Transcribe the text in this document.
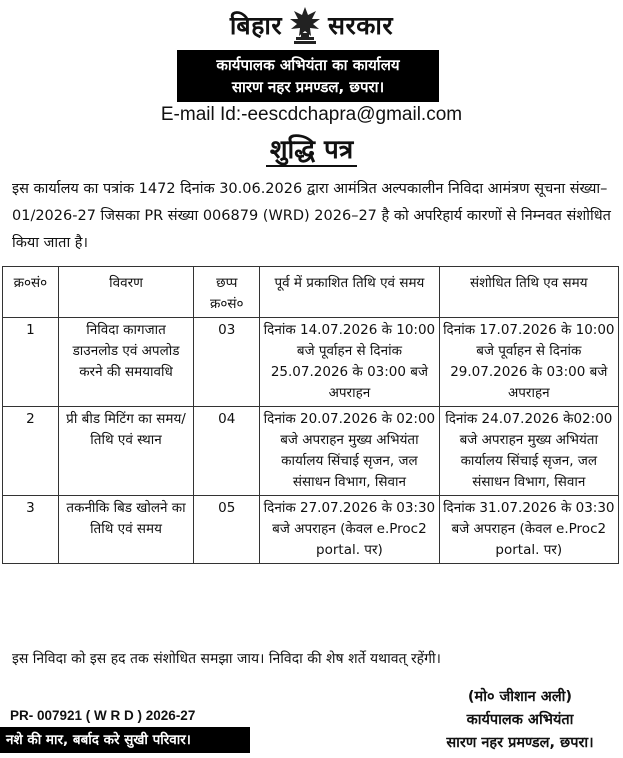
बिहार सरकार
कार्यपालक अभियंता का कार्यालय
सारण नहर प्रमण्डल, छपरा।
E-mail Id:-eescdchapra@gmail.com
शुद्धि पत्र
इस कार्यालय का पत्रांक 1472 दिनांक 30.06.2026 द्वारा आमंत्रित अल्पकालीन निविदा आमंत्रण सूचना संख्या–01/2026-27 जिसका PR संख्या 006879 (WRD) 2026–27 है को अपरिहार्य कारणों से निम्नवत संशोधित किया जाता है।
क्र०सं०	विवरण	छप्प क्र०सं०	पूर्व में प्रकाशित तिथि एवं समय	संशोधित तिथि एव समय
1	निविदा कागजात डाउनलोड एवं अपलोड करने की समयावधि	03	दिनांक 14.07.2026 के 10:00 बजे पूर्वाहन से दिनांक 25.07.2026 के 03:00 बजे अपराहन	दिनांक 17.07.2026 के 10:00 बजे पूर्वाहन से दिनांक 29.07.2026 के 03:00 बजे अपराहन
2	प्री बीड मिटिंग का समय/तिथि एवं स्थान	04	दिनांक 20.07.2026 के 02:00 बजे अपराहन मुख्य अभियंता कार्यालय सिंचाई सृजन, जल संसाधन विभाग, सिवान	दिनांक 24.07.2026 के02:00 बजे अपराहन मुख्य अभियंता कार्यालय सिंचाई सृजन, जल संसाधन विभाग, सिवान
3	तकनीकि बिड खोलने का तिथि एवं समय	05	दिनांक 27.07.2026 के 03:30 बजे अपराहन (केवल e.Proc2 portal. पर)	दिनांक 31.07.2026 के 03:30 बजे अपराहन (केवल e.Proc2 portal. पर)
इस निविदा को इस हद तक संशोधित समझा जाय। निविदा की शेष शर्ते यथावत् रहेंगी।
(मो० जीशान अली)
कार्यपालक अभियंता
सारण नहर प्रमण्डल, छपरा।
PR- 007921 ( W R D ) 2026-27
नशे की मार, बर्बाद करे सुखी परिवार।
